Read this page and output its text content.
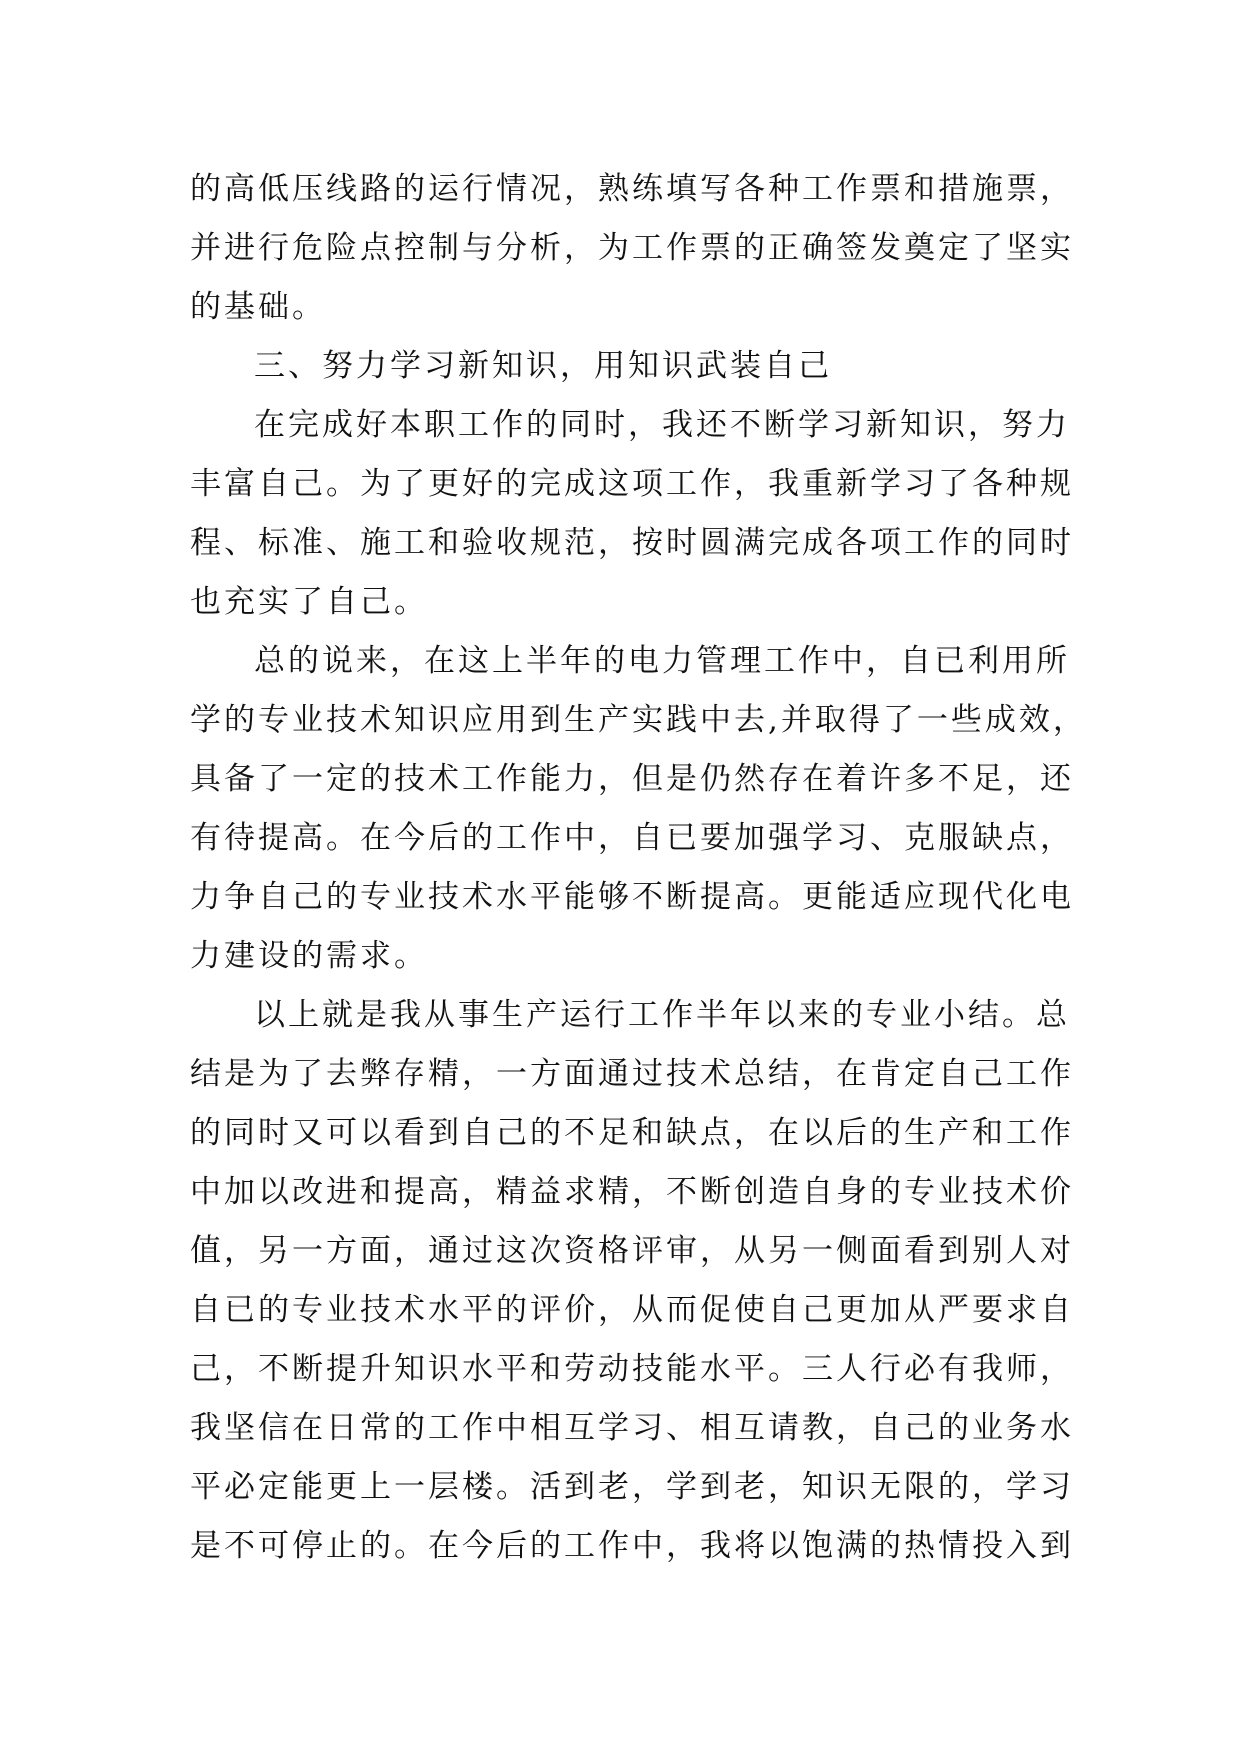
的高低压线路的运行情况，熟练填写各种工作票和措施票，
并进行危险点控制与分析，为工作票的正确签发奠定了坚实
的基础。
三、努力学习新知识，用知识武装自己
在完成好本职工作的同时，我还不断学习新知识，努力
丰富自己。为了更好的完成这项工作，我重新学习了各种规
程、标准、施工和验收规范，按时圆满完成各项工作的同时
也充实了自己。
总的说来，在这上半年的电力管理工作中，自已利用所
学的专业技术知识应用到生产实践中去,并取得了一些成效，
具备了一定的技术工作能力，但是仍然存在着许多不足，还
有待提高。在今后的工作中，自已要加强学习、克服缺点，
力争自己的专业技术水平能够不断提高。更能适应现代化电
力建设的需求。
以上就是我从事生产运行工作半年以来的专业小结。总
结是为了去弊存精，一方面通过技术总结，在肯定自己工作
的同时又可以看到自己的不足和缺点，在以后的生产和工作
中加以改进和提高，精益求精，不断创造自身的专业技术价
值，另一方面，通过这次资格评审，从另一侧面看到别人对
自已的专业技术水平的评价，从而促使自己更加从严要求自
己，不断提升知识水平和劳动技能水平。三人行必有我师，
我坚信在日常的工作中相互学习、相互请教，自己的业务水
平必定能更上一层楼。活到老，学到老，知识无限的，学习
是不可停止的。在今后的工作中，我将以饱满的热情投入到
